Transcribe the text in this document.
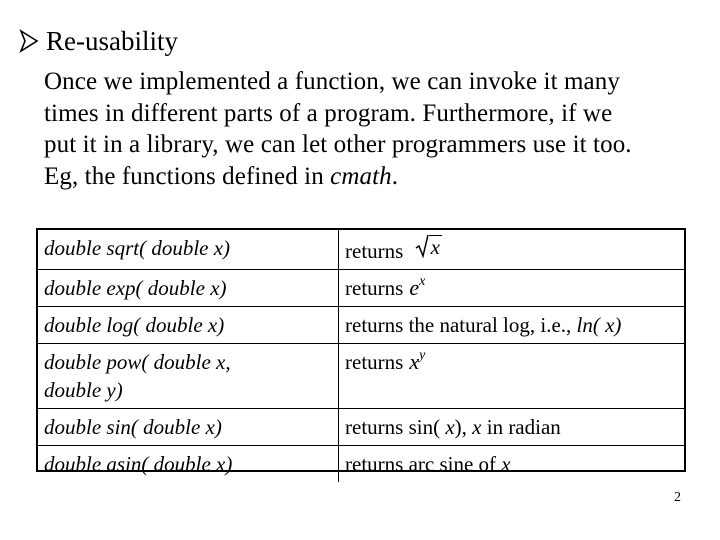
Re-usability
Once we implemented a function, we can invoke it many
times in different parts of a program. Furthermore, if we
put it in a library, we can let other programmers use it too.
Eg, the functions defined in cmath.
double sqrt( double x)	returns x

double exp( double x)	returns $e^x$
double log( double x)	returns the natural log, i.e., ln( x)
double pow( double x,
double y)	returns $x^y$
double sin( double x)	returns sin( x), x in radian
double asin( double x)	returns arc sine of x
2
